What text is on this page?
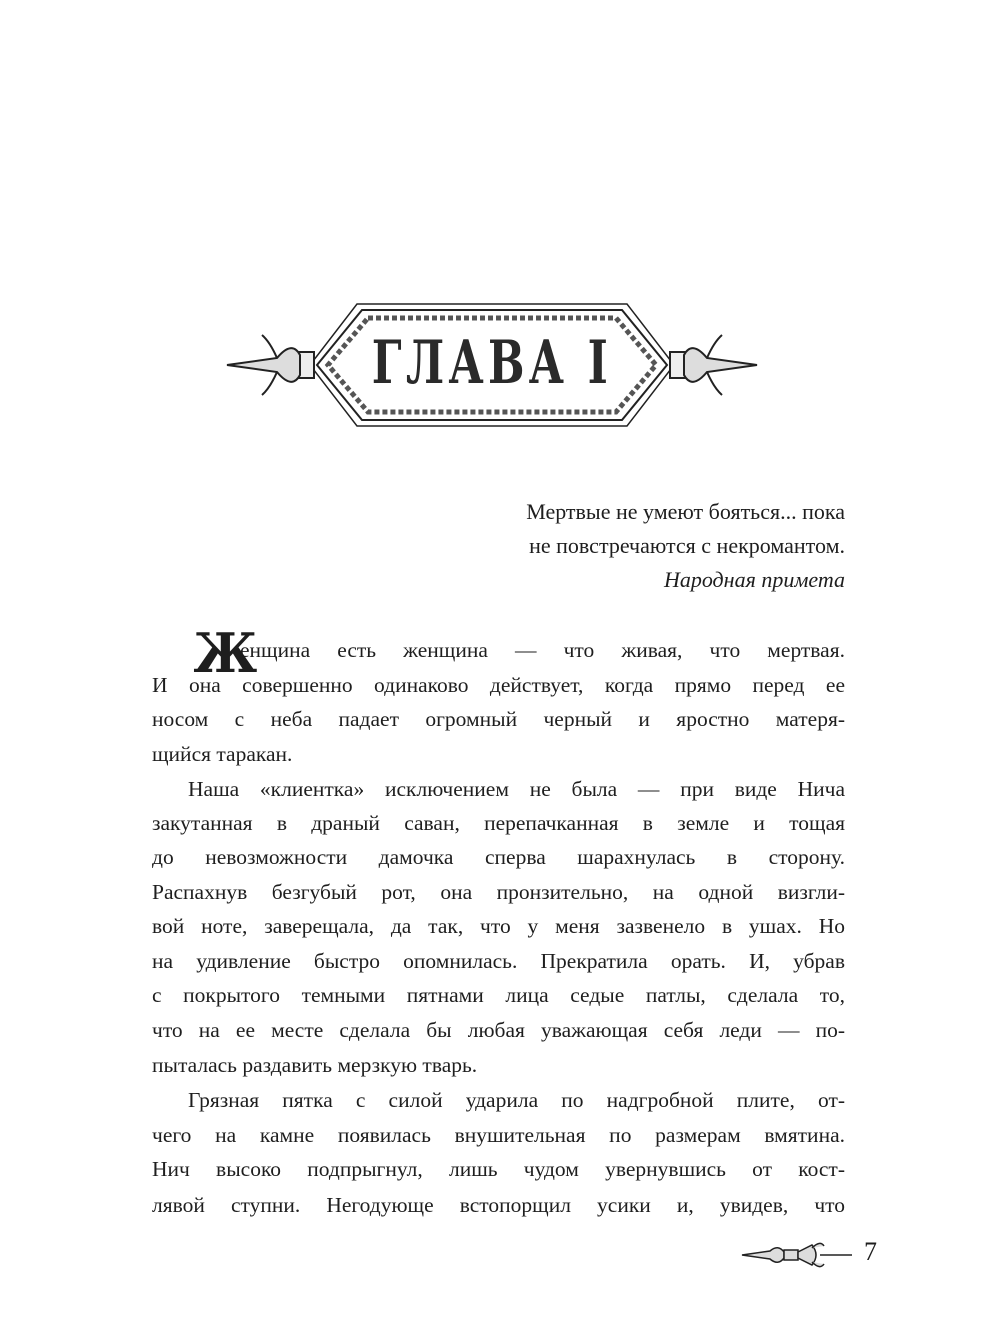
ГЛАВА I
Мертвые не умеют бояться... пока
не повстречаются с некромантом.
Народная примета
Ж
енщина есть женщина — что живая, что мертвая.
И она совершенно одинаково действует, когда прямо перед ее
носом с неба падает огромный черный и яростно матеря-
щийся таракан.
Наша «клиентка» исключением не была — при виде Нича
закутанная в драный саван, перепачканная в земле и тощая
до невозможности дамочка сперва шарахнулась в сторону.
Распахнув безгубый рот, она пронзительно, на одной визгли-
вой ноте, заверещала, да так, что у меня зазвенело в ушах. Но
на удивление быстро опомнилась. Прекратила орать. И, убрав
с покрытого темными пятнами лица седые патлы, сделала то,
что на ее месте сделала бы любая уважающая себя леди — по-
пыталась раздавить мерзкую тварь.
Грязная пятка с силой ударила по надгробной плите, от-
чего на камне появилась внушительная по размерам вмятина.
Нич высоко подпрыгнул, лишь чудом увернувшись от кост-
лявой ступни. Негодующе встопорщил усики и, увидев, что
7
